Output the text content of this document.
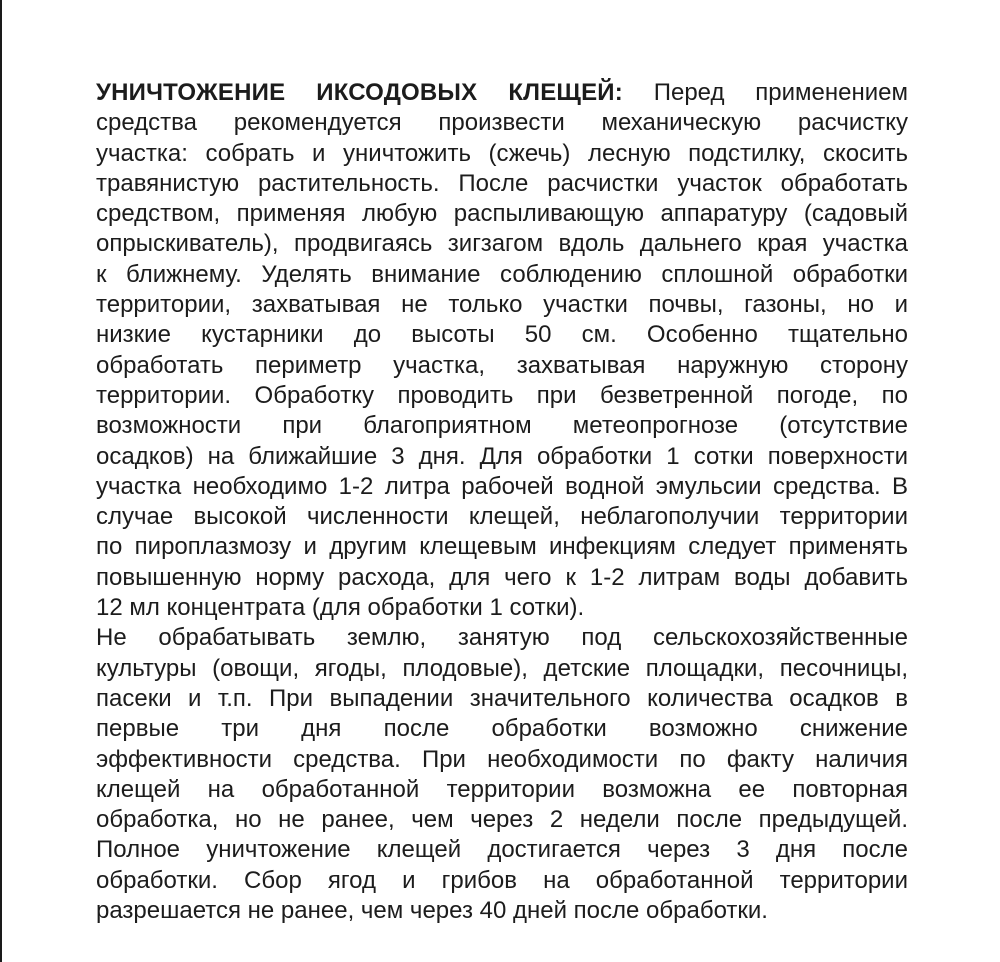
УНИЧТОЖЕНИЕ ИКСОДОВЫХ КЛЕЩЕЙ: Перед применением
средства рекомендуется произвести механическую расчистку
участка: собрать и уничтожить (сжечь) лесную подстилку, скосить
травянистую растительность. После расчистки участок обработать
средством, применяя любую распыливающую аппаратуру (садовый
опрыскиватель), продвигаясь зигзагом вдоль дальнего края участка
к ближнему. Уделять внимание соблюдению сплошной обработки
территории, захватывая не только участки почвы, газоны, но и
низкие кустарники до высоты 50 см. Особенно тщательно
обработать периметр участка, захватывая наружную сторону
территории. Обработку проводить при безветренной погоде, по
возможности при благоприятном метеопрогнозе (отсутствие
осадков) на ближайшие 3 дня. Для обработки 1 сотки поверхности
участка необходимо 1-2 литра рабочей водной эмульсии средства. В
случае высокой численности клещей, неблагополучии территории
по пироплазмозу и другим клещевым инфекциям следует применять
повышенную норму расхода, для чего к 1-2 литрам воды добавить
12 мл концентрата (для обработки 1 сотки).
Не обрабатывать землю, занятую под сельскохозяйственные
культуры (овощи, ягоды, плодовые), детские площадки, песочницы,
пасеки и т.п. При выпадении значительного количества осадков в
первые три дня после обработки возможно снижение
эффективности средства. При необходимости по факту наличия
клещей на обработанной территории возможна ее повторная
обработка, но не ранее, чем через 2 недели после предыдущей.
Полное уничтожение клещей достигается через 3 дня после
обработки. Сбор ягод и грибов на обработанной территории
разрешается не ранее, чем через 40 дней после обработки.
